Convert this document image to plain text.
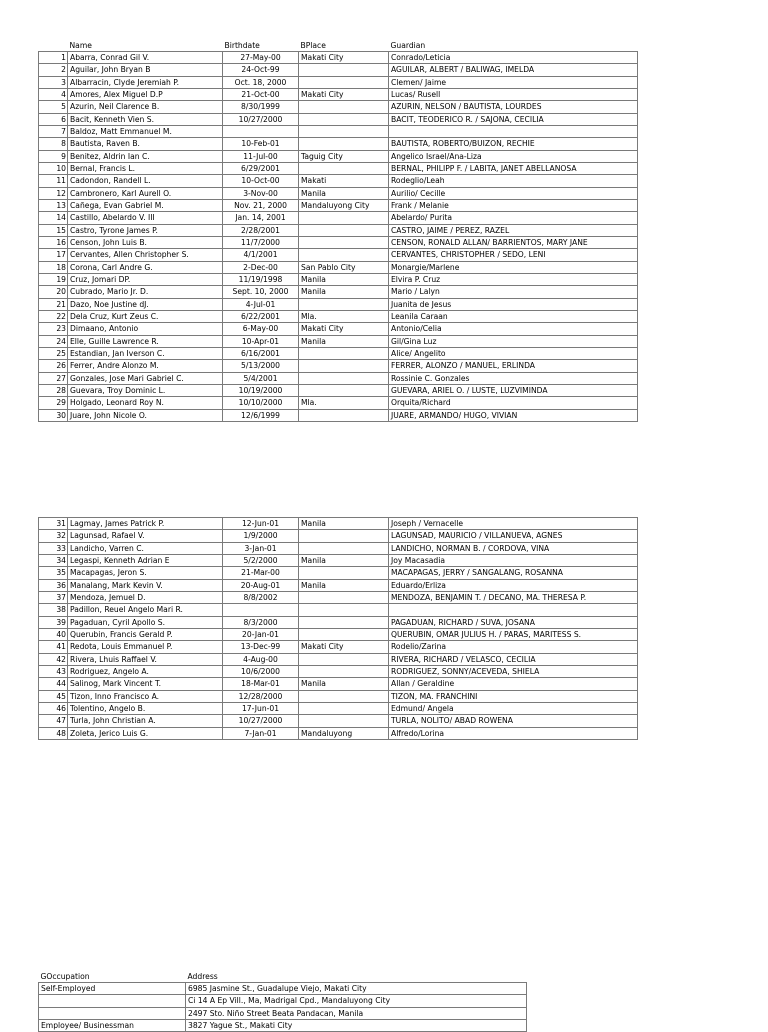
	Name	Birthdate	BPlace	Guardian
1	Abarra, Conrad Gil V.	27-May-00	Makati City	Conrado/Leticia
2	Aguilar, John Bryan B	24-Oct-99		AGUILAR, ALBERT / BALIWAG, IMELDA
3	Albarracin, Clyde Jeremiah P.	Oct. 18, 2000		Clemen/ Jaime
4	Amores, Alex Miguel D.P	21-Oct-00	Makati City	Lucas/ Rusell
5	Azurin, Neil Clarence B.	8/30/1999		AZURIN, NELSON / BAUTISTA, LOURDES
6	Bacit, Kenneth Vien S.	10/27/2000		BACIT, TEODERICO R. / SAJONA, CECILIA
7	Baldoz, Matt Emmanuel M.			
8	Bautista, Raven B.	10-Feb-01		BAUTISTA, ROBERTO/BUIZON, RECHIE
9	Benitez, Aldrin Ian C.	11-Jul-00	Taguig City	Angelico Israel/Ana-Liza
10	Bernal, Francis L.	6/29/2001		BERNAL, PHILIPP F. / LABITA, JANET ABELLANOSA
11	Cadondon, Randell L.	10-Oct-00	Makati	Rodeglio/Leah
12	Cambronero, Karl Aurell O.	3-Nov-00	Manila	Aurilio/ Cecille
13	Cañega, Evan Gabriel M.	Nov. 21, 2000	Mandaluyong City	Frank / Melanie
14	Castillo, Abelardo V. III	Jan. 14, 2001		Abelardo/ Purita
15	Castro, Tyrone James P.	2/28/2001		CASTRO, JAIME / PEREZ, RAZEL
16	Censon, John Luis B.	11/7/2000		CENSON, RONALD ALLAN/ BARRIENTOS, MARY JANE
17	Cervantes, Allen Christopher S.	4/1/2001		CERVANTES, CHRISTOPHER / SEDO, LENI
18	Corona, Carl Andre G.	2-Dec-00	San Pablo City	Monargie/Marlene
19	Cruz, Jomari DP.	11/19/1998	Manila	Elvira P. Cruz
20	Cubrado, Mario Jr. D.	Sept. 10, 2000	Manila	Mario / Lalyn
21	Dazo, Noe Justine dJ.	4-Jul-01		Juanita de Jesus
22	Dela Cruz, Kurt Zeus C.	6/22/2001	Mla.	Leanila Caraan
23	Dimaano, Antonio	6-May-00	Makati City	Antonio/Celia
24	Elle, Guille Lawrence R.	10-Apr-01	Manila	Gil/Gina Luz
25	Estandian, Jan Iverson C.	6/16/2001		Alice/ Angelito
26	Ferrer, Andre Alonzo M.	5/13/2000		FERRER, ALONZO / MANUEL, ERLINDA
27	Gonzales, Jose Mari Gabriel C.	5/4/2001		Rossinie C. Gonzales
28	Guevara, Troy Dominic L.	10/19/2000		GUEVARA, ARIEL O. / LUSTE, LUZVIMINDA
29	Holgado, Leonard Roy N.	10/10/2000	Mla.	Orquita/Richard
30	Juare, John Nicole O.	12/6/1999		JUARE, ARMANDO/ HUGO, VIVIAN
31	Lagmay, James Patrick P.	12-Jun-01	Manila	Joseph / Vernacelle
32	Lagunsad, Rafael V.	1/9/2000		LAGUNSAD, MAURICIO / VILLANUEVA, AGNES
33	Landicho, Varren C.	3-Jan-01		LANDICHO, NORMAN B. / CORDOVA, VINA
34	Legaspi, Kenneth Adrian E	5/2/2000	Manila	Joy Macasadia
35	Macapagas, Jeron S.	21-Mar-00		MACAPAGAS, JERRY / SANGALANG, ROSANNA
36	Manalang, Mark Kevin V.	20-Aug-01	Manila	Eduardo/Erliza
37	Mendoza, Jemuel D.	8/8/2002		MENDOZA, BENJAMIN T. / DECANO, MA. THERESA P.
38	Padillon, Reuel Angelo Mari R.			
39	Pagaduan, Cyril Apollo S.	8/3/2000		PAGADUAN, RICHARD / SUVA, JOSANA
40	Querubin, Francis Gerald P.	20-Jan-01		QUERUBIN, OMAR JULIUS H. / PARAS, MARITESS S.
41	Redota, Louis Emmanuel P.	13-Dec-99	Makati City	Rodelio/Zarina
42	Rivera, Lhuis Raffael V.	4-Aug-00		RIVERA, RICHARD / VELASCO, CECILIA
43	Rodriguez, Angelo A.	10/6/2000		RODRIGUEZ, SONNY/ACEVEDA, SHIELA
44	Salinog, Mark Vincent T.	18-Mar-01	Manila	Allan / Geraldine
45	Tizon, Inno Francisco A.	12/28/2000		TIZON, MA. FRANCHINI
46	Tolentino, Angelo B.	17-Jun-01		Edmund/ Angela
47	Turla, John Christian A.	10/27/2000		TURLA, NOLITO/ ABAD ROWENA
48	Zoleta, Jerico Luis G.	7-Jan-01	Mandaluyong	Alfredo/Lorina
GOccupation	Address
Self-Employed	6985 Jasmine St., Guadalupe Viejo, Makati City
	Ci 14 A Ep Vill., Ma, Madrigal Cpd., Mandaluyong City
	2497 Sto. Niño Street Beata Pandacan, Manila
Employee/ Businessman	3827 Yague St., Makati City
